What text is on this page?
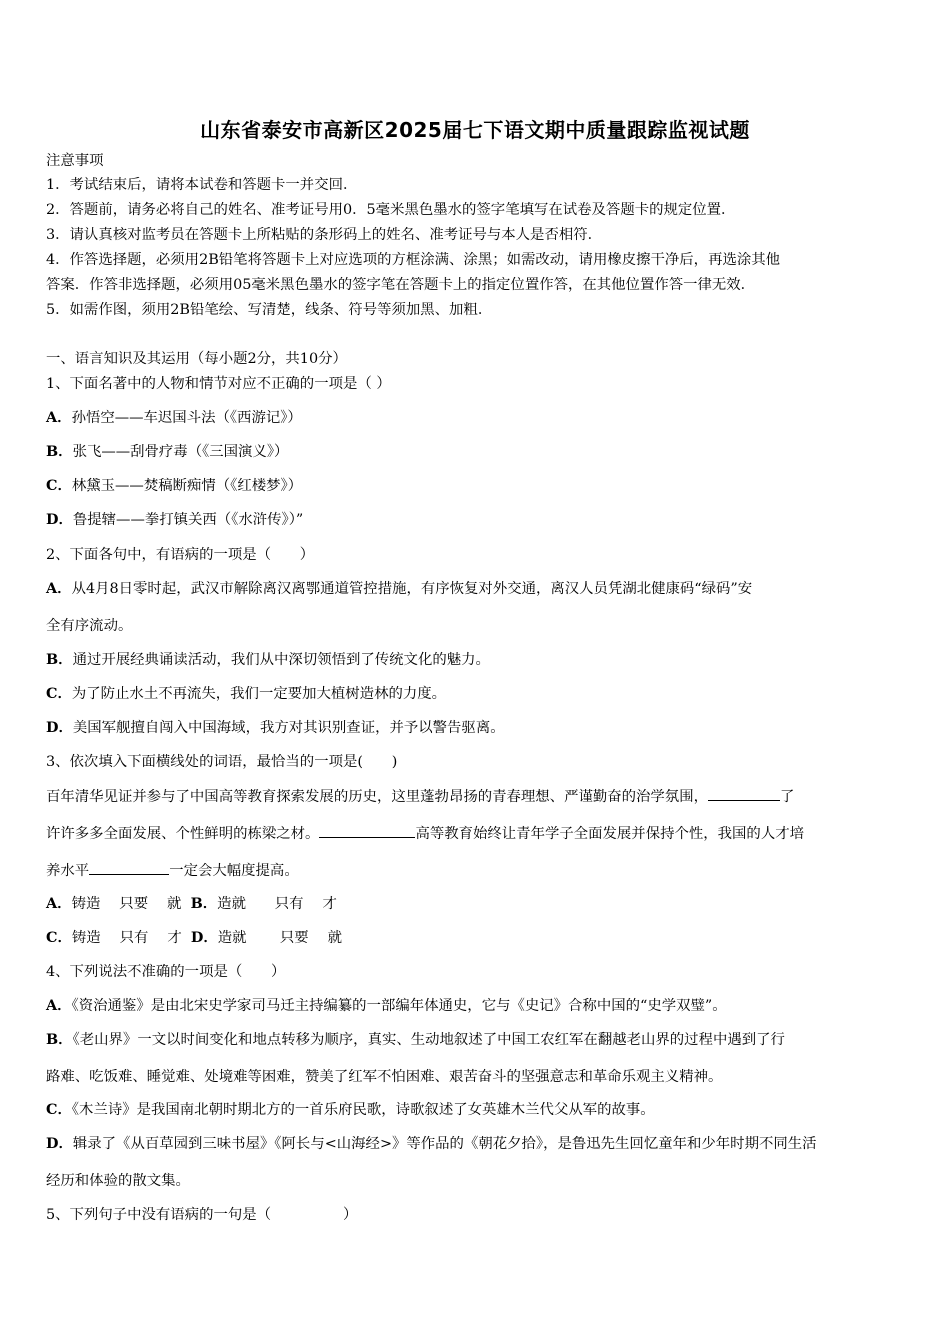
山东省泰安市高新区2025届七下语文期中质量跟踪监视试题
注意事项
1．考试结束后，请将本试卷和答题卡一并交回．
2．答题前，请务必将自己的姓名、准考证号用0．5毫米黑色墨水的签字笔填写在试卷及答题卡的规定位置．
3．请认真核对监考员在答题卡上所粘贴的条形码上的姓名、准考证号与本人是否相符．
4．作答选择题，必须用2B铅笔将答题卡上对应选项的方框涂满、涂黑；如需改动，请用橡皮擦干净后，再选涂其他
答案．作答非选择题，必须用05毫米黑色墨水的签字笔在答题卡上的指定位置作答，在其他位置作答一律无效．
5．如需作图，须用2B铅笔绘、写清楚，线条、符号等须加黑、加粗．
一、语言知识及其运用（每小题2分，共10分）
1、下面名著中的人物和情节对应不正确的一项是（ ）
A．孙悟空——车迟国斗法（《西游记》）
B．张飞——刮骨疗毒（《三国演义》）
C．林黛玉——焚稿断痴情（《红楼梦》）
D．鲁提辖——拳打镇关西（《水浒传》）”
2、下面各句中，有语病的一项是（　　）
A．从4月8日零时起，武汉市解除离汉离鄂通道管控措施，有序恢复对外交通，离汉人员凭湖北健康码“绿码”安
全有序流动。
B．通过开展经典诵读活动，我们从中深切领悟到了传统文化的魅力。
C．为了防止水土不再流失，我们一定要加大植树造林的力度。
D．美国军舰擅自闯入中国海域，我方对其识别查证，并予以警告驱离。
3、依次填入下面横线处的词语，最恰当的一项是(　　)
百年清华见证并参与了中国高等教育探索发展的历史，这里蓬勃昂扬的青春理想、严谨勤奋的治学氛围，	了
许许多多全面发展、个性鲜明的栋梁之材。	高等教育始终让青年学子全面发展并保持个性，我国的人才培
养水平	一定会大幅度提高。
A．铸造　 只要　 就 B．造就　　只有　 才
C．铸造　 只有　 才 D．造就　　 只要　 就
4、下列说法不准确的一项是（　　）
A．《资治通鉴》是由北宋史学家司马迁主持编纂的一部编年体通史，它与《史记》合称中国的“史学双璧”。
B．《老山界》一文以时间变化和地点转移为顺序，真实、生动地叙述了中国工农红军在翻越老山界的过程中遇到了行
路难、吃饭难、睡觉难、处境难等困难，赞美了红军不怕困难、艰苦奋斗的坚强意志和革命乐观主义精神。
C．《木兰诗》是我国南北朝时期北方的一首乐府民歌，诗歌叙述了女英雄木兰代父从军的故事。
D．辑录了《从百草园到三味书屋》《阿长与<山海经>》等作品的《朝花夕拾》，是鲁迅先生回忆童年和少年时期不同生活
经历和体验的散文集。
5、下列句子中没有语病的一句是（　　　　　）
